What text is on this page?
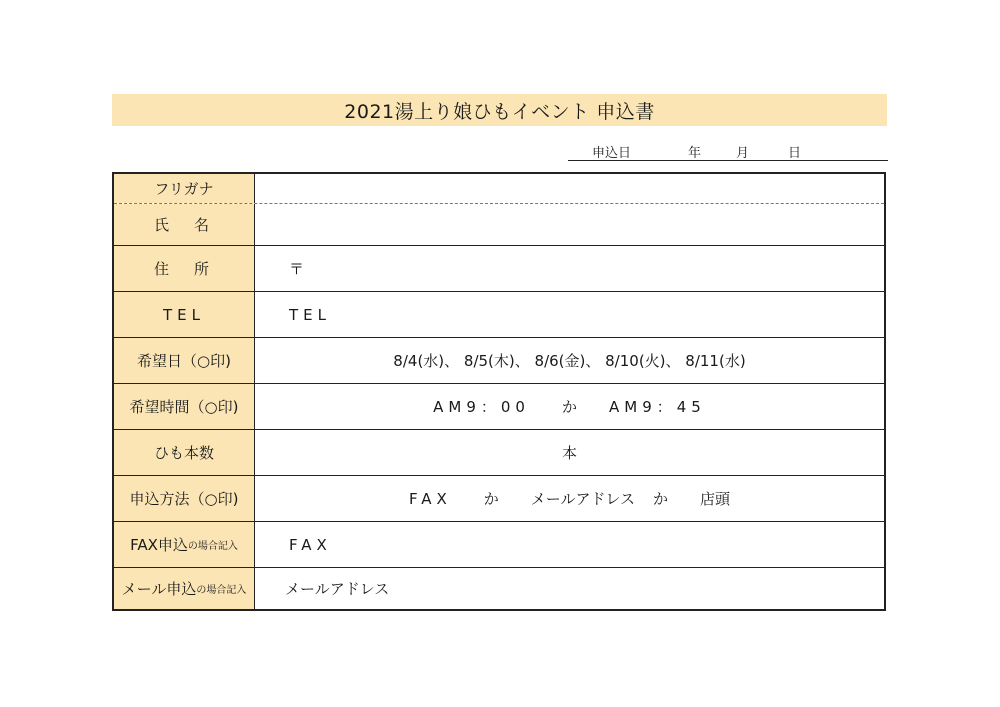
2021湯上り娘ひもイベント 申込書
申込日	年	月	日
フリガナ
氏　名
住　所	〒
TEL	TEL
希望日（○印)	8/4(水)、 8/5(木)、 8/6(金)、 8/10(火)、 8/11(水)
希望時間（○印)	AM9：00 か AM9：45
ひも本数	本
申込方法（○印)	FAX か メールアドレス か 店頭
FAX申込 の場合記入	FAX
メール申込 の場合記入	メールアドレス
